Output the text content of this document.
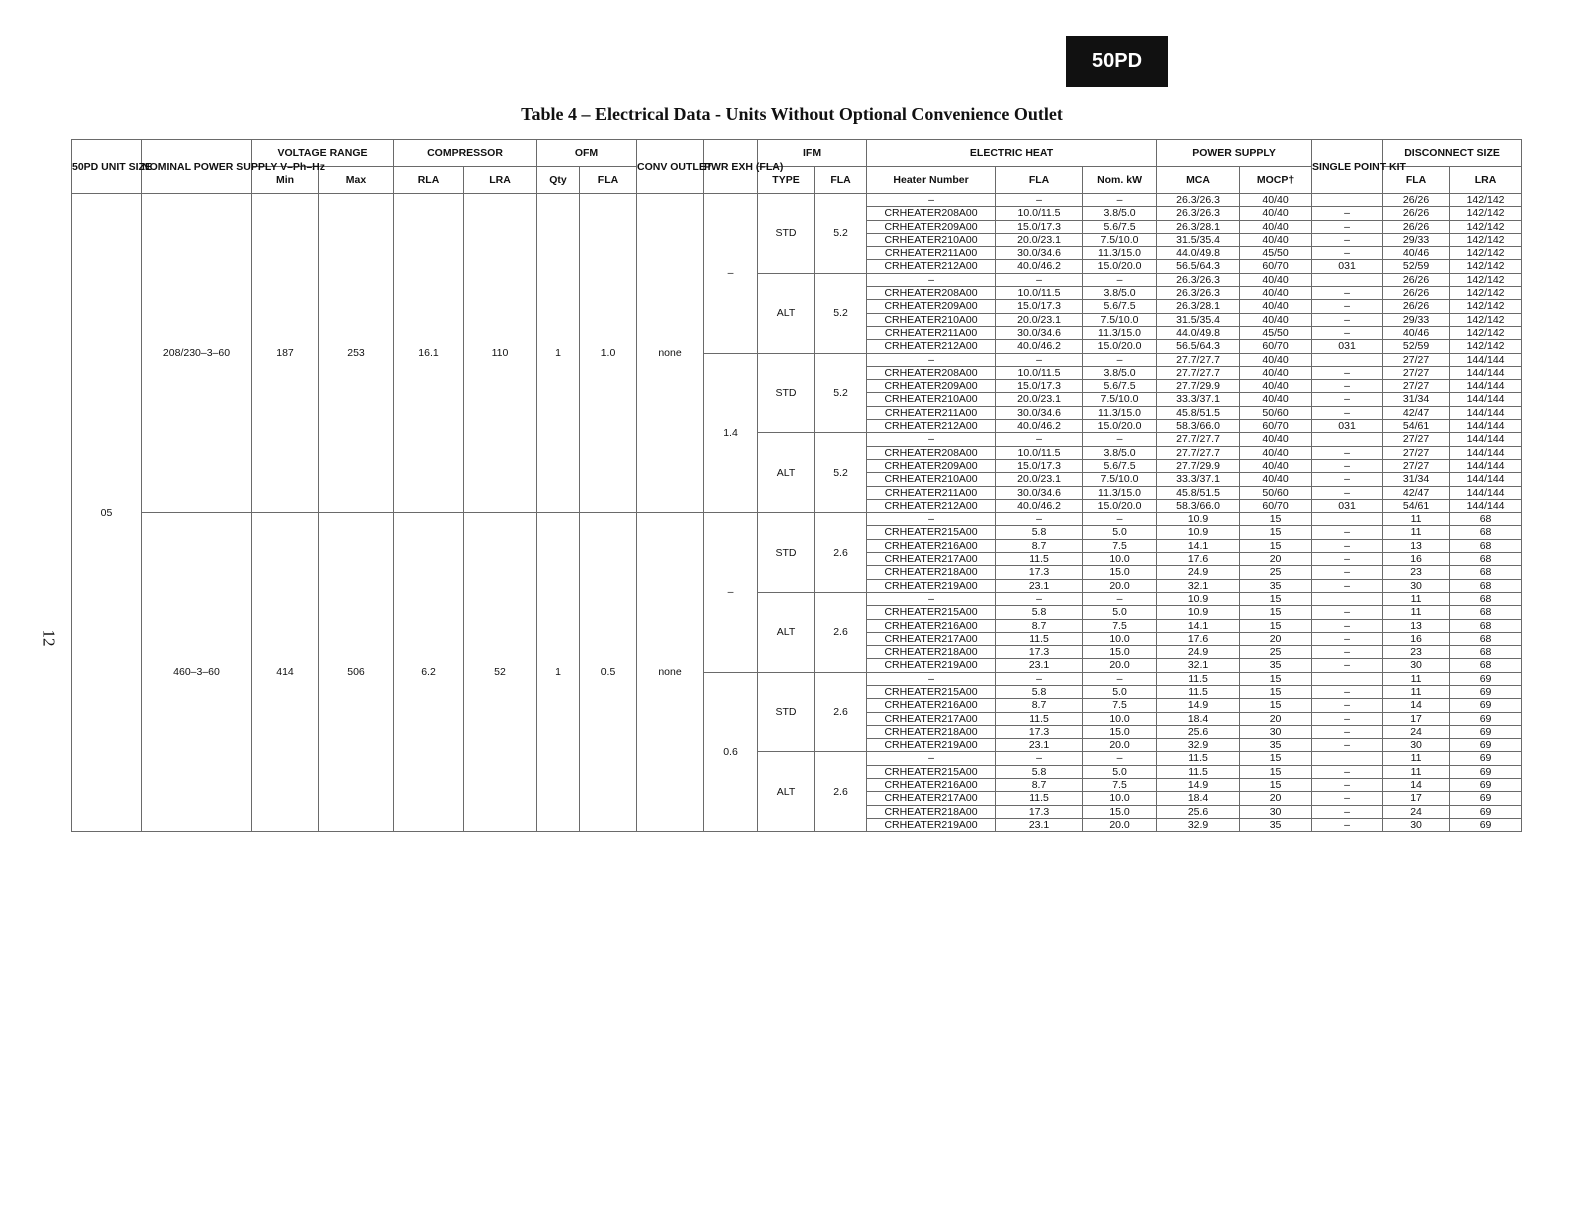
50PD
Table 4 – Electrical Data - Units Without Optional Convenience Outlet
12
50PD UNIT SIZE	NOMINAL POWER SUPPLY V–Ph–Hz	VOLTAGE RANGE		COMPRESSOR		OFM		CONV OUTLET	PWR EXH (FLA)	IFM		ELECTRIC HEAT			POWER SUPPLY		SINGLE POINT KIT	DISCONNECT SIZE	
		Min	Max	RLA	LRA	Qty	FLA			TYPE	FLA	Heater Number	FLA	Nom. kW	MCA	MOCP†		FLA	LRA
05	208/230–3–60	187	253	16.1	110	1	1.0	none	–	STD	5.2	–	–	–	26.3/26.3	40/40		26/26	142/142
												CRHEATER208A00	10.0/11.5	3.8/5.0	26.3/26.3	40/40	–	26/26	142/142
												CRHEATER209A00	15.0/17.3	5.6/7.5	26.3/28.1	40/40	–	26/26	142/142
												CRHEATER210A00	20.0/23.1	7.5/10.0	31.5/35.4	40/40	–	29/33	142/142
												CRHEATER211A00	30.0/34.6	11.3/15.0	44.0/49.8	45/50	–	40/46	142/142
												CRHEATER212A00	40.0/46.2	15.0/20.0	56.5/64.3	60/70	031	52/59	142/142
										ALT	5.2	–	–	–	26.3/26.3	40/40		26/26	142/142
												CRHEATER208A00	10.0/11.5	3.8/5.0	26.3/26.3	40/40	–	26/26	142/142
												CRHEATER209A00	15.0/17.3	5.6/7.5	26.3/28.1	40/40	–	26/26	142/142
												CRHEATER210A00	20.0/23.1	7.5/10.0	31.5/35.4	40/40	–	29/33	142/142
												CRHEATER211A00	30.0/34.6	11.3/15.0	44.0/49.8	45/50	–	40/46	142/142
												CRHEATER212A00	40.0/46.2	15.0/20.0	56.5/64.3	60/70	031	52/59	142/142
									1.4	STD	5.2	–	–	–	27.7/27.7	40/40		27/27	144/144
												CRHEATER208A00	10.0/11.5	3.8/5.0	27.7/27.7	40/40	–	27/27	144/144
												CRHEATER209A00	15.0/17.3	5.6/7.5	27.7/29.9	40/40	–	27/27	144/144
												CRHEATER210A00	20.0/23.1	7.5/10.0	33.3/37.1	40/40	–	31/34	144/144
												CRHEATER211A00	30.0/34.6	11.3/15.0	45.8/51.5	50/60	–	42/47	144/144
												CRHEATER212A00	40.0/46.2	15.0/20.0	58.3/66.0	60/70	031	54/61	144/144
										ALT	5.2	–	–	–	27.7/27.7	40/40		27/27	144/144
												CRHEATER208A00	10.0/11.5	3.8/5.0	27.7/27.7	40/40	–	27/27	144/144
												CRHEATER209A00	15.0/17.3	5.6/7.5	27.7/29.9	40/40	–	27/27	144/144
												CRHEATER210A00	20.0/23.1	7.5/10.0	33.3/37.1	40/40	–	31/34	144/144
												CRHEATER211A00	30.0/34.6	11.3/15.0	45.8/51.5	50/60	–	42/47	144/144
												CRHEATER212A00	40.0/46.2	15.0/20.0	58.3/66.0	60/70	031	54/61	144/144
	460–3–60	414	506	6.2	52	1	0.5	none	–	STD	2.6	–	–	–	10.9	15		11	68
												CRHEATER215A00	5.8	5.0	10.9	15	–	11	68
												CRHEATER216A00	8.7	7.5	14.1	15	–	13	68
												CRHEATER217A00	11.5	10.0	17.6	20	–	16	68
												CRHEATER218A00	17.3	15.0	24.9	25	–	23	68
												CRHEATER219A00	23.1	20.0	32.1	35	–	30	68
										ALT	2.6	–	–	–	10.9	15		11	68
												CRHEATER215A00	5.8	5.0	10.9	15	–	11	68
												CRHEATER216A00	8.7	7.5	14.1	15	–	13	68
												CRHEATER217A00	11.5	10.0	17.6	20	–	16	68
												CRHEATER218A00	17.3	15.0	24.9	25	–	23	68
												CRHEATER219A00	23.1	20.0	32.1	35	–	30	68
									0.6	STD	2.6	–	–	–	11.5	15		11	69
												CRHEATER215A00	5.8	5.0	11.5	15	–	11	69
												CRHEATER216A00	8.7	7.5	14.9	15	–	14	69
												CRHEATER217A00	11.5	10.0	18.4	20	–	17	69
												CRHEATER218A00	17.3	15.0	25.6	30	–	24	69
												CRHEATER219A00	23.1	20.0	32.9	35	–	30	69
										ALT	2.6	–	–	–	11.5	15		11	69
												CRHEATER215A00	5.8	5.0	11.5	15	–	11	69
												CRHEATER216A00	8.7	7.5	14.9	15	–	14	69
												CRHEATER217A00	11.5	10.0	18.4	20	–	17	69
												CRHEATER218A00	17.3	15.0	25.6	30	–	24	69
												CRHEATER219A00	23.1	20.0	32.9	35	–	30	69
